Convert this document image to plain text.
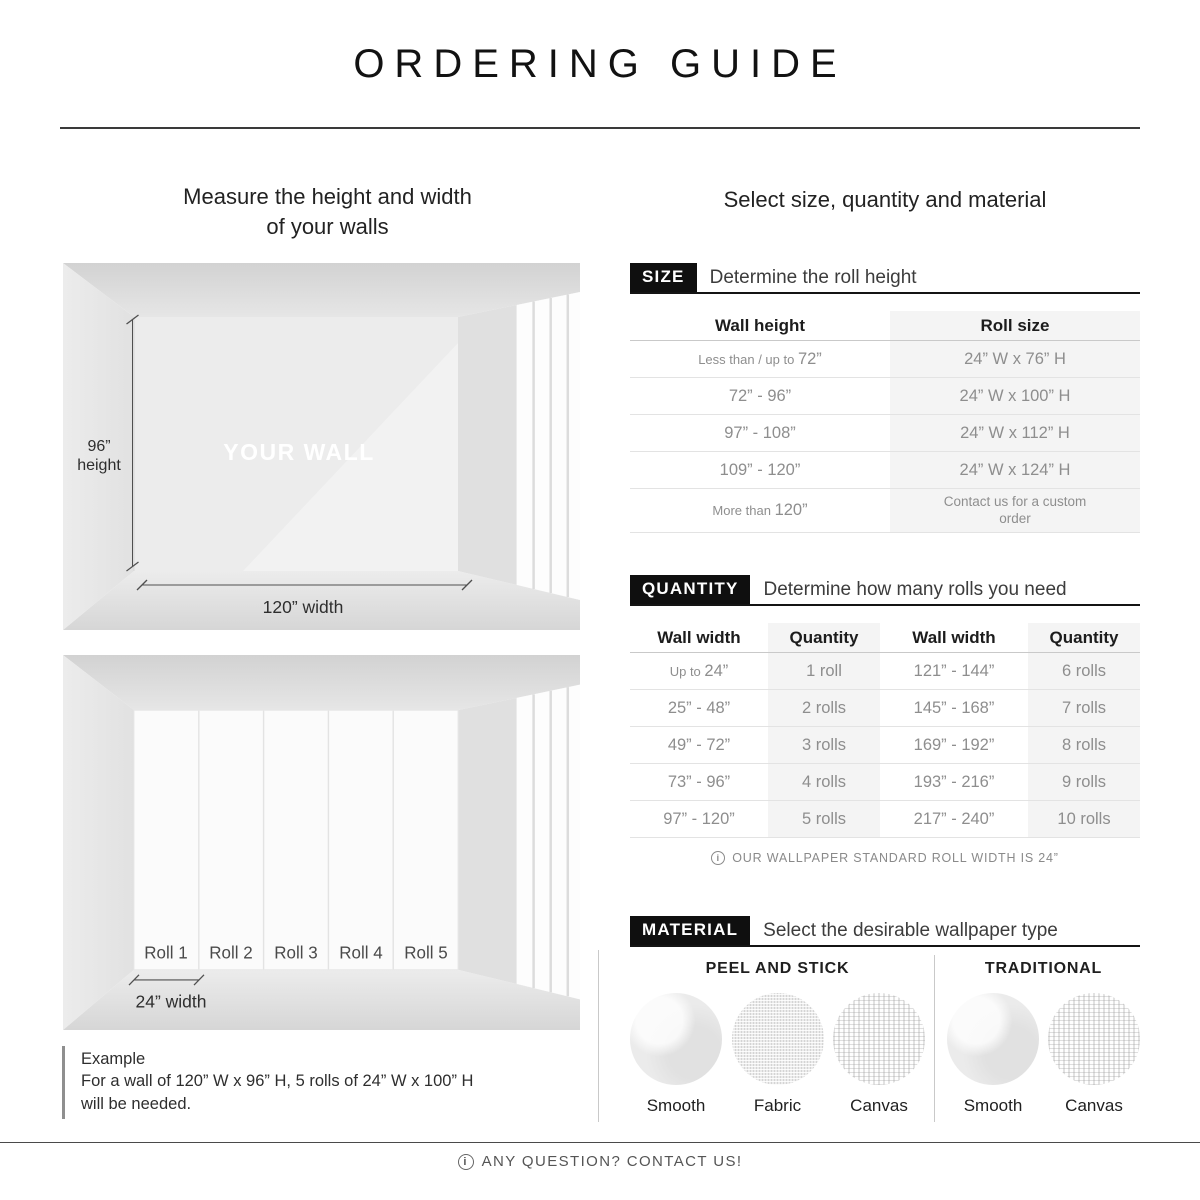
ORDERING GUIDE
Measure the height and width
of your walls
96”
height
120” width
YOUR WALL
Roll 1 Roll 2 Roll 3 Roll 4 Roll 5
24” width
Example
For a wall of 120” W x 96” H, 5 rolls of 24” W x 100” H
will be needed.
Select size, quantity and material
SIZE	Determine the roll height
Wall height	Roll size
Less than / up to 72”	24” W x 76” H
72” - 96”	24” W x 100” H
97” - 108”	24” W x 112” H
109” - 120”	24” W x 124” H
More than 120”	Contact us for a custom order
QUANTITY	Determine how many rolls you need
Wall width	Quantity	Wall width	Quantity
Up to 24”	1 roll	121” - 144”	6 rolls
25” - 48”	2 rolls	145” - 168”	7 rolls
49” - 72”	3 rolls	169” - 192”	8 rolls
73” - 96”	4 rolls	193” - 216”	9 rolls
97” - 120”	5 rolls	217” - 240”	10 rolls
i OUR WALLPAPER STANDARD ROLL WIDTH IS 24”
MATERIAL	Select the desirable wallpaper type
PEEL AND STICK
Smooth	Fabric	Canvas
TRADITIONAL
Smooth	Canvas
i ANY QUESTION? CONTACT US!
